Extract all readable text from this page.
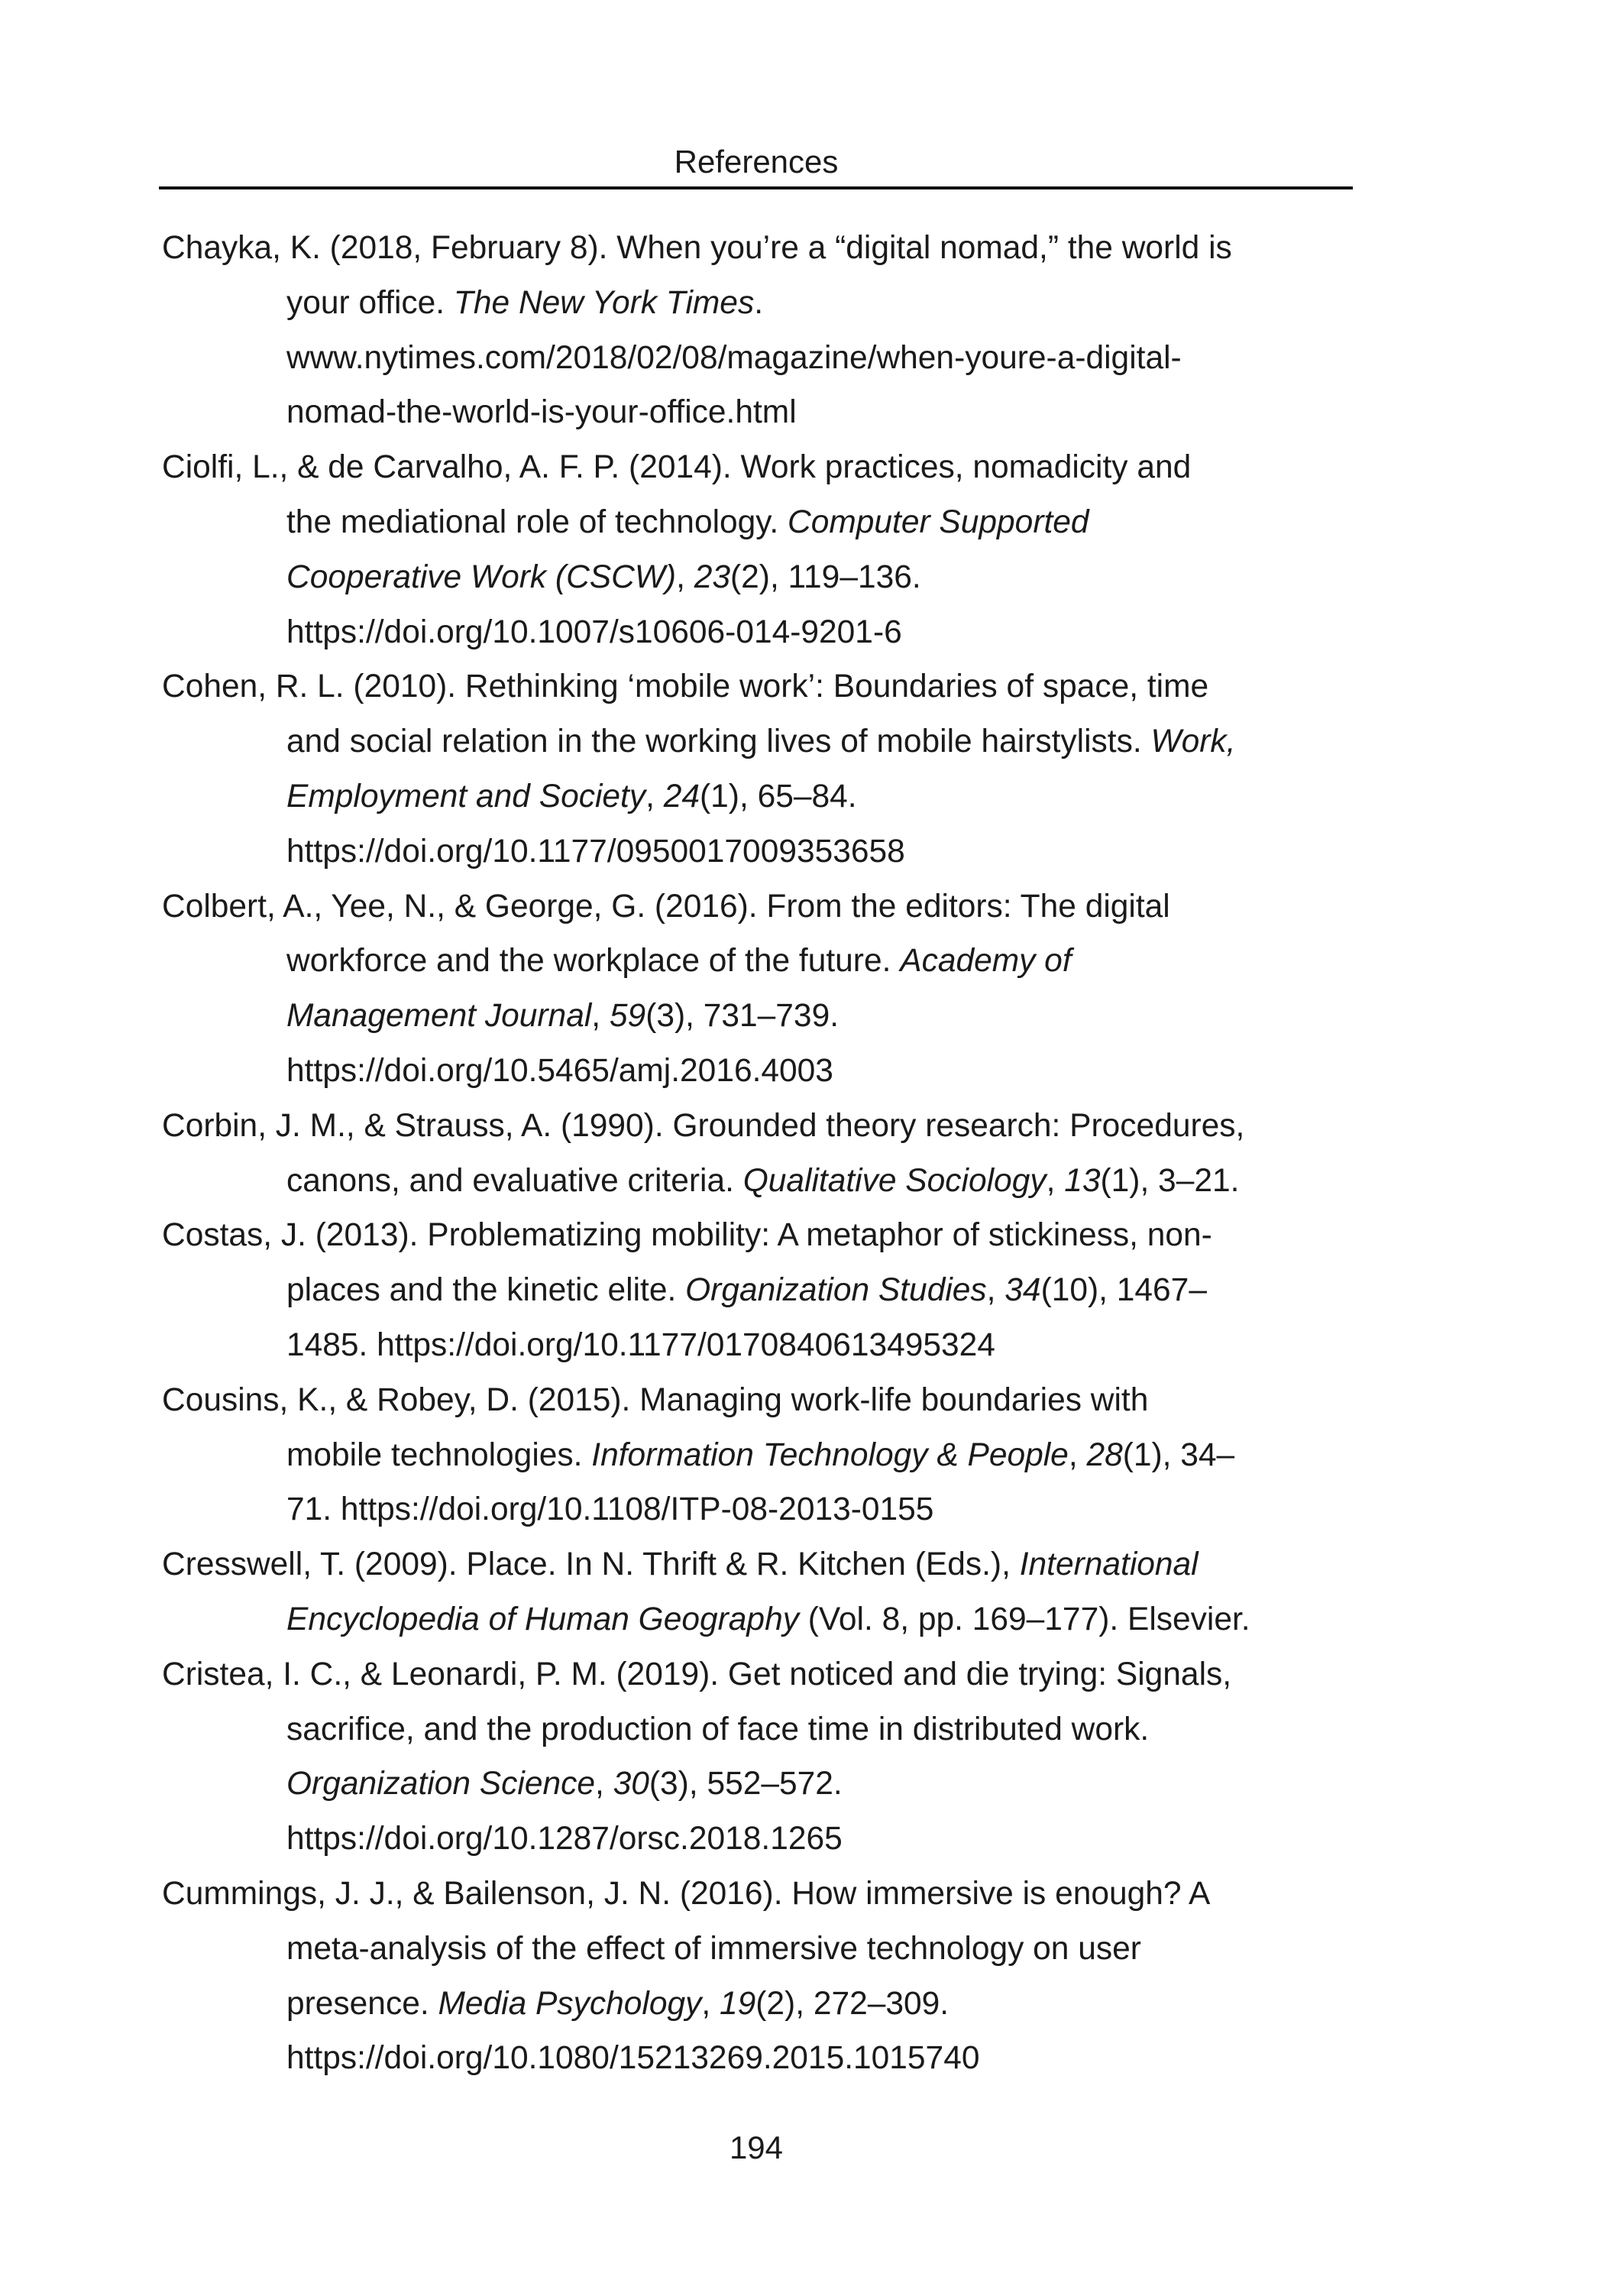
References

Chayka, K. (2018, February 8). When you’re a “digital nomad,” the world is
your office. The New York Times.
www.nytimes.com/2018/02/08/magazine/when-youre-a-digital-
nomad-the-world-is-your-office.html

Ciolfi, L., & de Carvalho, A. F. P. (2014). Work practices, nomadicity and
the mediational role of technology. Computer Supported
Cooperative Work (CSCW), 23(2), 119–136.
https://doi.org/10.1007/s10606-014-9201-6

Cohen, R. L. (2010). Rethinking ‘mobile work’: Boundaries of space, time
and social relation in the working lives of mobile hairstylists. Work,
Employment and Society, 24(1), 65–84.
https://doi.org/10.1177/0950017009353658

Colbert, A., Yee, N., & George, G. (2016). From the editors: The digital
workforce and the workplace of the future. Academy of
Management Journal, 59(3), 731–739.
https://doi.org/10.5465/amj.2016.4003

Corbin, J. M., & Strauss, A. (1990). Grounded theory research: Procedures,
canons, and evaluative criteria. Qualitative Sociology, 13(1), 3–21.

Costas, J. (2013). Problematizing mobility: A metaphor of stickiness, non-
places and the kinetic elite. Organization Studies, 34(10), 1467–
1485. https://doi.org/10.1177/0170840613495324

Cousins, K., & Robey, D. (2015). Managing work-life boundaries with
mobile technologies. Information Technology & People, 28(1), 34–
71. https://doi.org/10.1108/ITP-08-2013-0155

Cresswell, T. (2009). Place. In N. Thrift & R. Kitchen (Eds.), International
Encyclopedia of Human Geography (Vol. 8, pp. 169–177). Elsevier.

Cristea, I. C., & Leonardi, P. M. (2019). Get noticed and die trying: Signals,
sacrifice, and the production of face time in distributed work.
Organization Science, 30(3), 552–572.
https://doi.org/10.1287/orsc.2018.1265

Cummings, J. J., & Bailenson, J. N. (2016). How immersive is enough? A
meta-analysis of the effect of immersive technology on user
presence. Media Psychology, 19(2), 272–309.
https://doi.org/10.1080/15213269.2015.1015740

194
